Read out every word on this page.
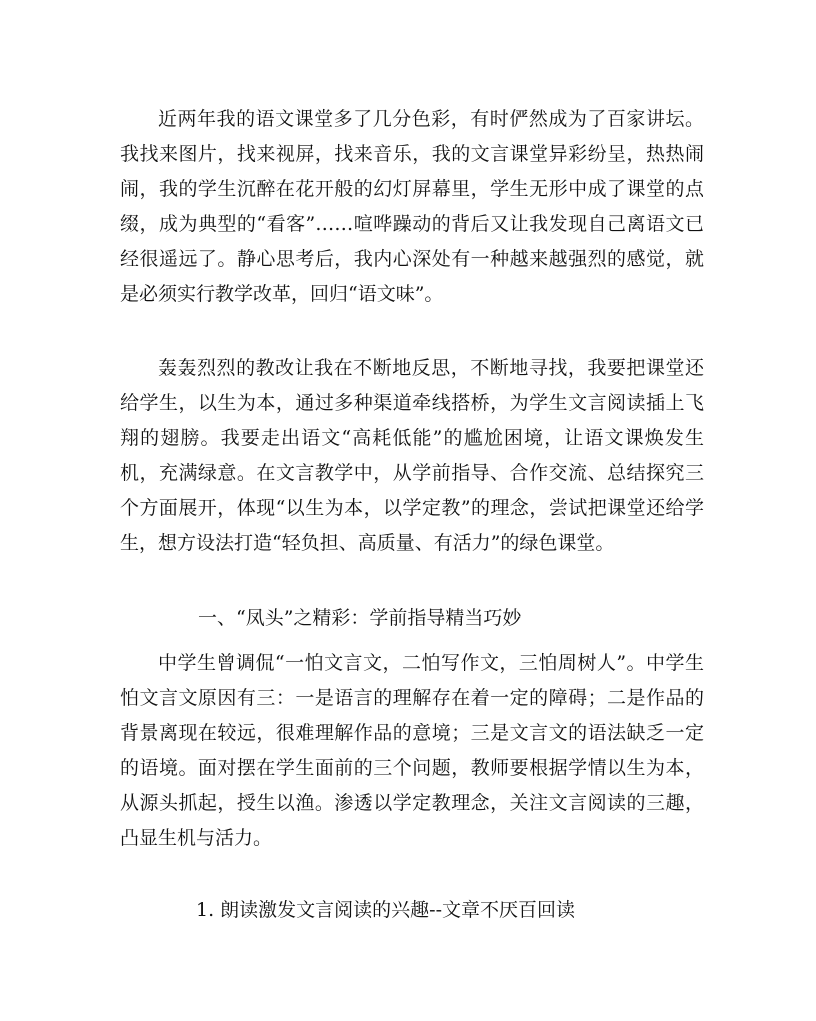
近两年我的语文课堂多了几分色彩，有时俨然成为了百家讲坛。我找来图片，找来视屏，找来音乐，我的文言课堂异彩纷呈，热热闹闹，我的学生沉醉在花开般的幻灯屏幕里，学生无形中成了课堂的点缀，成为典型的“看客”……喧哗躁动的背后又让我发现自己离语文已经很遥远了。静心思考后，我内心深处有一种越来越强烈的感觉，就是必须实行教学改革，回归“语文味”。

轰轰烈烈的教改让我在不断地反思，不断地寻找，我要把课堂还给学生，以生为本，通过多种渠道牵线搭桥，为学生文言阅读插上飞翔的翅膀。我要走出语文“高耗低能”的尴尬困境，让语文课焕发生机，充满绿意。在文言教学中，从学前指导、合作交流、总结探究三个方面展开，体现“以生为本，以学定教”的理念，尝试把课堂还给学生，想方设法打造“轻负担、高质量、有活力”的绿色课堂。

一、“凤头”之精彩：学前指导精当巧妙

中学生曾调侃“一怕文言文，二怕写作文，三怕周树人”。中学生怕文言文原因有三：一是语言的理解存在着一定的障碍；二是作品的背景离现在较远，很难理解作品的意境；三是文言文的语法缺乏一定的语境。面对摆在学生面前的三个问题，教师要根据学情以生为本，从源头抓起，授生以渔。渗透以学定教理念，关注文言阅读的三趣，凸显生机与活力。

1. 朗读激发文言阅读的兴趣--文章不厌百回读
